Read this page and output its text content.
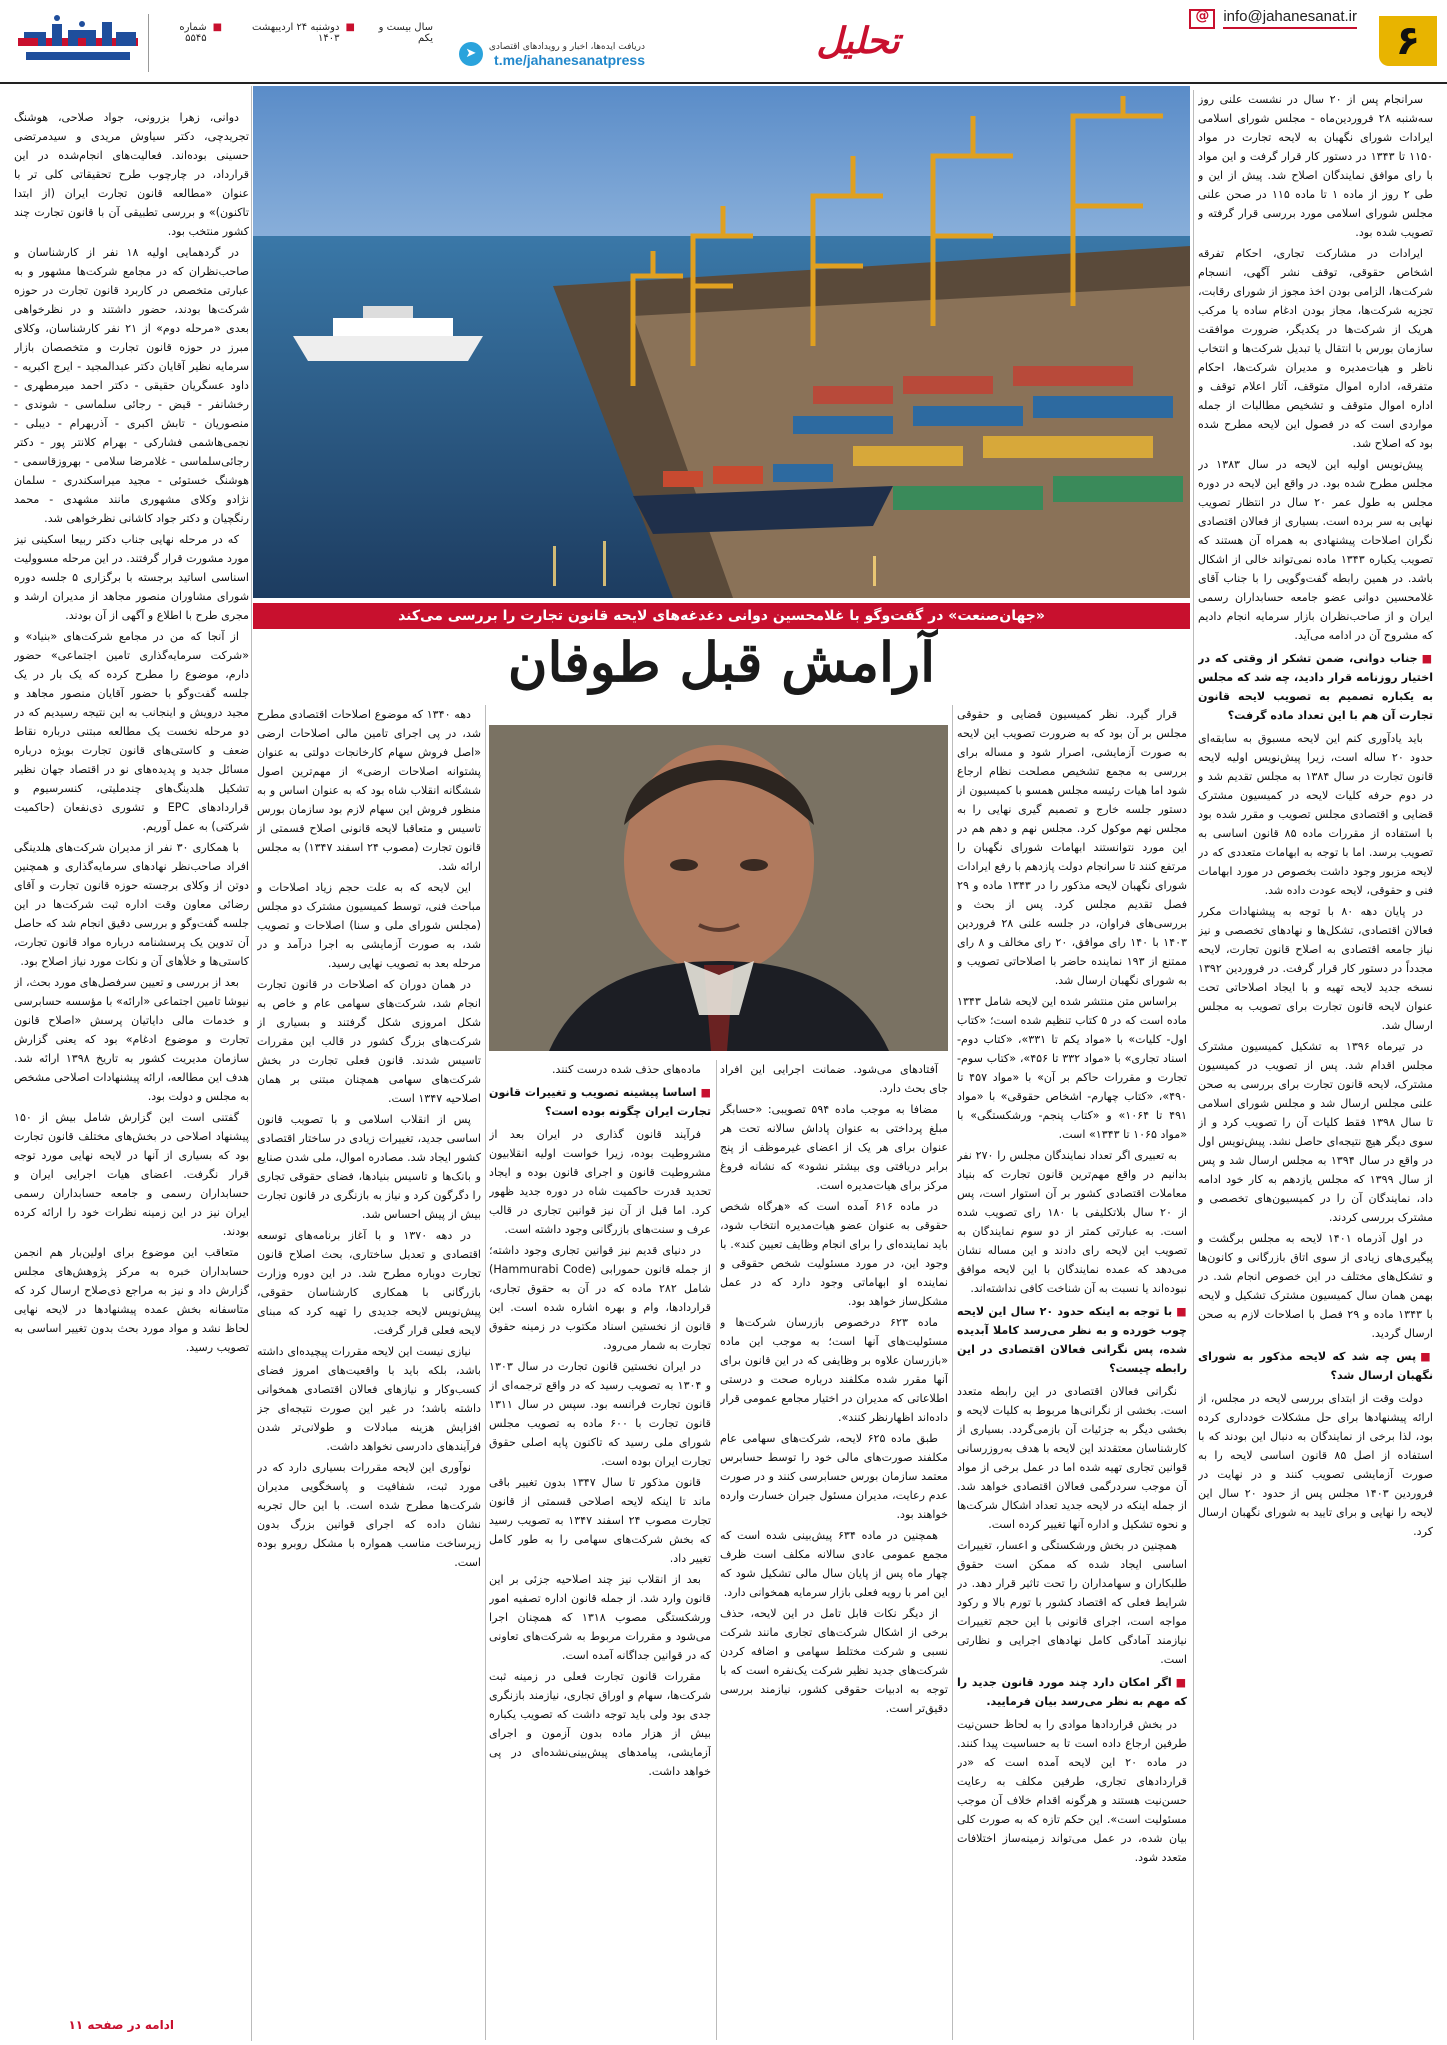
۶
@
info@jahanesanat.ir
تحلیل
دریافت ایده‌ها، اخبار و رویدادهای اقتصادی
t.me/jahanesanatpress
➤
سال بیست و یکم
■
دوشنبه ۲۴ اردیبهشت ۱۴۰۳
■
شماره ۵۵۴۵

سرانجام پس از ۲۰ سال در نشست علنی روز سه‌شنبه ۲۸ فروردین‌ماه - مجلس شورای اسلامی ایرادات شورای نگهبان به لایحه تجارت در مواد ۱۱۵۰ تا ۱۳۴۳ در دستور کار قرار گرفت و این مواد با رای موافق نمایندگان اصلاح شد. پیش از این و طی ۲ روز از ماده ۱ تا ماده ۱۱۵ در صحن علنی مجلس شورای اسلامی مورد بررسی قرار گرفته و تصویب شده بود.

ایرادات در مشارکت تجاری، احکام تفرقه اشخاص حقوقی، توقف نشر آگهی، انسجام شرکت‌ها، الزامی بودن اخذ مجوز از شورای رقابت، تجزیه شرکت‌ها، مجاز بودن ادغام ساده یا مرکب هریک از شرکت‌ها در یکدیگر، ضرورت موافقت سازمان بورس با انتقال یا تبدیل شرکت‌ها و انتخاب ناظر و هیات‌مدیره و مدیران شرکت‌ها، احکام متفرقه، اداره اموال متوقف، آثار اعلام توقف و اداره اموال متوقف و تشخیص مطالبات از جمله مواردی است که در فصول این لایحه مطرح شده بود که اصلاح شد.

پیش‌نویس اولیه این لایحه در سال ۱۳۸۳ در مجلس مطرح شده بود. در واقع این لایحه در دوره مجلس به طول عمر ۲۰ سال در انتظار تصویب نهایی به سر برده است. بسیاری از فعالان اقتصادی نگران اصلاحات پیشنهادی به همراه آن هستند که تصویب یکباره ۱۳۴۳ ماده نمی‌تواند خالی از اشکال باشد. در همین رابطه گفت‌وگویی را با جناب آقای غلامحسین دوانی عضو جامعه حسابداران رسمی ایران و از صاحب‌نظران بازار سرمایه انجام دادیم که مشروح آن در ادامه می‌آید.

■جناب دوانی، ضمن تشکر از وقتی که در اختیار روزنامه قرار دادید، چه شد که مجلس به یکباره تصمیم به تصویب لایحه قانون تجارت آن هم با این تعداد ماده گرفت؟

باید یادآوری کنم این لایحه مسبوق به سابقه‌ای حدود ۲۰ ساله است، زیرا پیش‌نویس اولیه لایحه قانون تجارت در سال ۱۳۸۴ به مجلس تقدیم شد و در دوم حرفه کلیات لایحه در کمیسیون مشترک قضایی و اقتصادی مجلس تصویب و مقرر شده بود با استفاده از مقررات ماده ۸۵ قانون اساسی به تصویب برسد. اما با توجه به ابهامات متعددی که در لایحه مزبور وجود داشت بخصوص در مورد ابهامات فنی و حقوقی، لایحه عودت داده شد.

در پایان دهه ۸۰ با توجه به پیشنهادات مکرر فعالان اقتصادی، تشکل‌ها و نهادهای تخصصی و نیز نیاز جامعه اقتصادی به اصلاح قانون تجارت، لایحه مجدداً در دستور کار قرار گرفت. در فروردین ۱۳۹۲ نسخه جدید لایحه تهیه و با ایجاد اصلاحاتی تحت عنوان لایحه قانون تجارت برای تصویب به مجلس ارسال شد.

در تیرماه ۱۳۹۶ به تشکیل کمیسیون مشترک مجلس اقدام شد. پس از تصویب در کمیسیون مشترک، لایحه قانون تجارت برای بررسی به صحن علنی مجلس ارسال شد و مجلس شورای اسلامی تا سال ۱۳۹۸ فقط کلیات آن را تصویب کرد و از سوی دیگر هیچ نتیجه‌ای حاصل نشد. پیش‌نویس اول در واقع در سال ۱۳۹۴ به مجلس ارسال شد و پس از سال ۱۳۹۹ که مجلس یازدهم به کار خود ادامه داد، نمایندگان آن را در کمیسیون‌های تخصصی و مشترک بررسی کردند.

در اول آذرماه ۱۴۰۱ لایحه به مجلس برگشت و پیگیری‌های زیادی از سوی اتاق بازرگانی و کانون‌ها و تشکل‌های مختلف در این خصوص انجام شد. در بهمن همان سال کمیسیون مشترک تشکیل و لایحه با ۱۳۴۳ ماده و ۲۹ فصل با اصلاحات لازم به صحن ارسال گردید.

■پس چه شد که لایحه مذکور به شورای نگهبان ارسال شد؟

دولت وقت از ابتدای بررسی لایحه در مجلس، از ارائه پیشنهادها برای حل مشکلات خودداری کرده بود، لذا برخی از نمایندگان به دنبال این بودند که با استفاده از اصل ۸۵ قانون اساسی لایحه را به صورت آزمایشی تصویب کنند و در نهایت در فروردین ۱۴۰۳ مجلس پس از حدود ۲۰ سال این لایحه را نهایی و برای تایید به شورای نگهبان ارسال کرد.

«جهان‌صنعت» در گفت‌وگو با غلامحسین دوانی دغدغه‌های لایحه قانون تجارت را بررسی می‌کند
آرامش قبل طوفان

قرار گیرد. نظر کمیسیون قضایی و حقوقی مجلس بر آن بود که به ضرورت تصویب این لایحه به صورت آزمایشی، اصرار شود و مساله برای بررسی به مجمع تشخیص مصلحت نظام ارجاع شود اما هیات رئیسه مجلس همسو با کمیسیون از دستور جلسه خارج و تصمیم گیری نهایی را به مجلس نهم موکول کرد. مجلس نهم و دهم هم در این مورد نتوانستند ابهامات شورای نگهبان را مرتفع کنند تا سرانجام دولت پازدهم با رفع ایرادات شورای نگهبان لایحه مذکور را در ۱۳۴۳ ماده و ۲۹ فصل تقدیم مجلس کرد. پس از بحث و بررسی‌های فراوان، در جلسه علنی ۲۸ فروردین ۱۴۰۳ با ۱۴۰ رای موافق، ۲۰ رای مخالف و ۸ رای ممتنع از ۱۹۳ نماینده حاضر با اصلاحاتی تصویب و به شورای نگهبان ارسال شد.

براساس متن منتشر شده این لایحه شامل ۱۳۴۳ ماده است که در ۵ کتاب تنظیم شده است؛ «کتاب اول- کلیات» با «مواد یکم تا ۳۳۱»، «کتاب دوم- اسناد تجاری» با «مواد ۳۳۲ تا ۴۵۶»، «کتاب سوم- تجارت و مقررات حاکم بر آن» با «مواد ۴۵۷ تا ۴۹۰»، «کتاب چهارم- اشخاص حقوقی» با «مواد ۴۹۱ تا ۱۰۶۴» و «کتاب پنجم- ورشکستگی» با «مواد ۱۰۶۵ تا ۱۳۴۳» است.

به تعبیری اگر تعداد نمایندگان مجلس را ۲۷۰ نفر بدانیم در واقع مهم‌ترین قانون تجارت که بنیاد معاملات اقتصادی کشور بر آن استوار است، پس از ۲۰ سال بلاتکلیفی با ۱۸۰ رای تصویب شده است. به عبارتی کمتر از دو سوم نمایندگان به تصویب این لایحه رای دادند و این مساله نشان می‌دهد که عمده نمایندگان با این لایحه موافق نبوده‌اند یا نسبت به آن شناخت کافی نداشته‌اند.

■با توجه به اینکه حدود ۲۰ سال این لایحه چوب خورده و به نظر می‌رسد کاملا آبدیده شده، پس نگرانی فعالان اقتصادی در این رابطه چیست؟

نگرانی فعالان اقتصادی در این رابطه متعدد است. بخشی از نگرانی‌ها مربوط به کلیات لایحه و بخشی دیگر به جزئیات آن بازمی‌گردد. بسیاری از کارشناسان معتقدند این لایحه با هدف به‌روزرسانی قوانین تجاری تهیه شده اما در عمل برخی از مواد آن موجب سردرگمی فعالان اقتصادی خواهد شد. از جمله اینکه در لایحه جدید تعداد اشکال شرکت‌ها و نحوه تشکیل و اداره آنها تغییر کرده است.

همچنین در بخش ورشکستگی و اعسار، تغییرات اساسی ایجاد شده که ممکن است حقوق طلبکاران و سهامداران را تحت تاثیر قرار دهد. در شرایط فعلی که اقتصاد کشور با تورم بالا و رکود مواجه است، اجرای قانونی با این حجم تغییرات نیازمند آمادگی کامل نهادهای اجرایی و نظارتی است.

■اگر امکان دارد چند مورد قانون جدید را که مهم به نظر می‌رسد بیان فرمایید.

در بخش قراردادها موادی را به لحاظ حسن‌نیت طرفین ارجاع داده است تا به حساسیت پیدا کنند. در ماده ۲۰ این لایحه آمده است که «در قراردادهای تجاری، طرفین مکلف به رعایت حسن‌نیت هستند و هرگونه اقدام خلاف آن موجب مسئولیت است». این حکم تازه که به صورت کلی بیان شده، در عمل می‌تواند زمینه‌ساز اختلافات متعدد شود.

آفتادهای می‌شود. ضمانت اجرایی این افراد جای بحث دارد.

مضافا به موجب ماده ۵۹۴ تصویبی: «حسابگر مبلغ پرداختی به عنوان پاداش سالانه تحت هر عنوان برای هر یک از اعضای غیرموظف از پنج برابر دریافتی وی بیشتر نشود» که نشانه فروغ مرکز برای هیات‌مدیره است.

در ماده ۶۱۶ آمده است که «هرگاه شخص حقوقی به عنوان عضو هیات‌مدیره انتخاب شود، باید نماینده‌ای را برای انجام وظایف تعیین کند». با وجود این، در مورد مسئولیت شخص حقوقی و نماینده او ابهاماتی وجود دارد که در عمل مشکل‌ساز خواهد بود.

ماده ۶۲۳ درخصوص بازرسان شرکت‌ها و مسئولیت‌های آنها است؛ به موجب این ماده «بازرسان علاوه بر وظایفی که در این قانون برای آنها مقرر شده مکلفند درباره صحت و درستی اطلاعاتی که مدیران در اختیار مجامع عمومی قرار داده‌اند اظهارنظر کنند».

طبق ماده ۶۲۵ لایحه، شرکت‌های سهامی عام مکلفند صورت‌های مالی خود را توسط حسابرس معتمد سازمان بورس حسابرسی کنند و در صورت عدم رعایت، مدیران مسئول جبران خسارت وارده خواهند بود.

همچنین در ماده ۶۳۴ پیش‌بینی شده است که مجمع عمومی عادی سالانه مکلف است ظرف چهار ماه پس از پایان سال مالی تشکیل شود که این امر با رویه فعلی بازار سرمایه همخوانی دارد.

از دیگر نکات قابل تامل در این لایحه، حذف برخی از اشکال شرکت‌های تجاری مانند شرکت نسبی و شرکت مختلط سهامی و اضافه کردن شرکت‌های جدید نظیر شرکت یک‌نفره است که با توجه به ادبیات حقوقی کشور، نیازمند بررسی دقیق‌تر است.

ماده‌های حذف شده درست کنند.

■اساسا پیشینه تصویب و تغییرات قانون تجارت ایران چگونه بوده است؟

فرآیند قانون گذاری در ایران بعد از مشروطیت بوده، زیرا خواست اولیه انقلابیون مشروطیت قانون و اجرای قانون بوده و ایجاد تحدید قدرت حاکمیت شاه در دوره جدید ظهور کرد. اما قبل از آن نیز قوانین تجاری در قالب عرف و سنت‌های بازرگانی وجود داشته است.

در دنیای قدیم نیز قوانین تجاری وجود داشته؛ از جمله قانون حمورابی (Hammurabi Code) شامل ۲۸۲ ماده که در آن به حقوق تجاری، قراردادها، وام و بهره اشاره شده است. این قانون از نخستین اسناد مکتوب در زمینه حقوق تجارت به شمار می‌رود.

در ایران نخستین قانون تجارت در سال ۱۳۰۳ و ۱۳۰۴ به تصویب رسید که در واقع ترجمه‌ای از قانون تجارت فرانسه بود. سپس در سال ۱۳۱۱ قانون تجارت با ۶۰۰ ماده به تصویب مجلس شورای ملی رسید که تاکنون پایه اصلی حقوق تجارت ایران بوده است.

قانون مذکور تا سال ۱۳۴۷ بدون تغییر باقی ماند تا اینکه لایحه اصلاحی قسمتی از قانون تجارت مصوب ۲۴ اسفند ۱۳۴۷ به تصویب رسید که بخش شرکت‌های سهامی را به طور کامل تغییر داد.

بعد از انقلاب نیز چند اصلاحیه جزئی بر این قانون وارد شد. از جمله قانون اداره تصفیه امور ورشکستگی مصوب ۱۳۱۸ که همچنان اجرا می‌شود و مقررات مربوط به شرکت‌های تعاونی که در قوانین جداگانه آمده است.

مقررات قانون تجارت فعلی در زمینه ثبت شرکت‌ها، سهام و اوراق تجاری، نیازمند بازنگری جدی بود ولی باید توجه داشت که تصویب یکباره بیش از هزار ماده بدون آزمون و اجرای آزمایشی، پیامدهای پیش‌بینی‌نشده‌ای در پی خواهد داشت.

دهه ۱۳۴۰ که موضوع اصلاحات اقتصادی مطرح شد، در پی اجرای تامین مالی اصلاحات ارضی «اصل فروش سهام کارخانجات دولتی به عنوان پشتوانه اصلاحات ارضی» از مهم‌ترین اصول ششگانه انقلاب شاه بود که به عنوان اساس و به منظور فروش این سهام لازم بود سازمان بورس تاسیس و متعاقبا لایحه قانونی اصلاح قسمتی از قانون تجارت (مصوب ۲۴ اسفند ۱۳۴۷) به مجلس ارائه شد.

این لایحه که به علت حجم زیاد اصلاحات و مباحث فنی، توسط کمیسیون مشترک دو مجلس (مجلس شورای ملی و سنا) اصلاحات و تصویب شد، به صورت آزمایشی به اجرا درآمد و در مرحله بعد به تصویب نهایی رسید.

در همان دوران که اصلاحات در قانون تجارت انجام شد، شرکت‌های سهامی عام و خاص به شکل امروزی شکل گرفتند و بسیاری از شرکت‌های بزرگ کشور در قالب این مقررات تاسیس شدند. قانون فعلی تجارت در بخش شرکت‌های سهامی همچنان مبتنی بر همان اصلاحیه ۱۳۴۷ است.

پس از انقلاب اسلامی و با تصویب قانون اساسی جدید، تغییرات زیادی در ساختار اقتصادی کشور ایجاد شد. مصادره اموال، ملی شدن صنایع و بانک‌ها و تاسیس بنیادها، فضای حقوقی تجاری را دگرگون کرد و نیاز به بازنگری در قانون تجارت بیش از پیش احساس شد.

در دهه ۱۳۷۰ و با آغاز برنامه‌های توسعه اقتصادی و تعدیل ساختاری، بحث اصلاح قانون تجارت دوباره مطرح شد. در این دوره وزارت بازرگانی با همکاری کارشناسان حقوقی، پیش‌نویس لایحه جدیدی را تهیه کرد که مبنای لایحه فعلی قرار گرفت.

نیازی نیست این لایحه مقررات پیچیده‌ای داشته باشد، بلکه باید با واقعیت‌های امروز فضای کسب‌وکار و نیازهای فعالان اقتصادی همخوانی داشته باشد؛ در غیر این صورت نتیجه‌ای جز افزایش هزینه مبادلات و طولانی‌تر شدن فرآیندهای دادرسی نخواهد داشت.

نوآوری این لایحه مقررات بسیاری دارد که در مورد ثبت، شفافیت و پاسخگویی مدیران شرکت‌ها مطرح شده است. با این حال تجربه نشان داده که اجرای قوانین بزرگ بدون زیرساخت مناسب همواره با مشکل روبرو بوده است.

دوانی، زهرا بزرونی، جواد صلاحی، هوشنگ تجریدچی، دکتر سیاوش مریدی و سیدمرتضی حسینی بوده‌اند. فعالیت‌های انجام‌شده در این قرارداد، در چارچوب طرح تحقیقاتی کلی تر با عنوان «مطالعه قانون تجارت ایران (از ابتدا تاکنون)» و بررسی تطبیقی آن با قانون تجارت چند کشور منتخب بود.

در گردهمایی اولیه ۱۸ نفر از کارشناسان و صاحب‌نظران که در مجامع شرکت‌ها مشهور و به عبارتی متخصص در کاربرد قانون تجارت در حوزه شرکت‌ها بودند، حضور داشتند و در نظرخواهی بعدی «مرحله دوم» از ۲۱ نفر کارشناسان، وکلای مبرز در حوزه قانون تجارت و متخصصان بازار سرمایه نظیر آقایان دکتر عبدالمجید - ایرج اکبریه - داود عسگریان حقیقی - دکتر احمد میرمطهری - رخشانفر - قیض - رجائی سلماسی - شوندی - منصوریان - تابش اکبری - آذربهرام - دیبلی - نجمی‌هاشمی فشارکی - بهرام کلانتر پور - دکتر رجائی‌سلماسی - غلامرضا سلامی - بهروزقاسمی - هوشنگ خستوئی - مجید میراسکندری - سلمان نژادو وکلای مشهوری مانند مشهدی - محمد رنگچیان و دکتر جواد کاشانی نظرخواهی شد.

که در مرحله نهایی جناب دکتر ربیعا اسکینی نیز مورد مشورت قرار گرفتند. در این مرحله مسوولیت اسناسی اساتید برجسته با برگزاری ۵ جلسه دوره شورای مشاوران منصور مجاهد از مدیران ارشد و مجری طرح با اطلاع و آگهی از آن بودند.

از آنجا که من در مجامع شرکت‌های «بنیاد» و «شرکت سرمایه‌گذاری تامین اجتماعی» حضور دارم، موضوع را مطرح کرده که یک بار در یک جلسه گفت‌وگو با حضور آقایان منصور مجاهد و مجید درویش و اینجانب به این نتیجه رسیدیم که در دو مرحله نخست یک مطالعه مبتنی درباره نقاط ضعف و کاستی‌های قانون تجارت بویژه درباره مسائل جدید و پدیده‌های نو در اقتصاد جهان نظیر تشکیل هلدینگ‌های چندملیتی، کنسرسیوم و قراردادهای EPC و تشوری ذی‌نفعان (حاکمیت شرکتی) به عمل آوریم.

با همکاری ۳۰ نفر از مدیران شرکت‌های هلدینگی افراد صاحب‌نظر نهادهای سرمایه‌گذاری و همچنین دوتن از وکلای برجسته حوزه قانون تجارت و آقای رضائی معاون وقت اداره ثبت شرکت‌ها در این جلسه گفت‌وگو و بررسی دقیق انجام شد که حاصل آن تدوین یک پرسشنامه درباره مواد قانون تجارت، کاستی‌ها و خلأهای آن و نکات مورد نیاز اصلاح بود.

بعد از بررسی و تعیین سرفصل‌های مورد بحث، از نیوشا تامین اجتماعی «ارائه» با مؤسسه حسابرسی و خدمات مالی دایاتیان پرسش «اصلاح قانون تجارت و موضوع ادغام» بود که یعنی گزارش سازمان مدیریت کشور به تاریخ ۱۳۹۸ ارائه شد. هدف این مطالعه، ارائه پیشنهادات اصلاحی مشخص به مجلس و دولت بود.

گفتنی است این گزارش شامل بیش از ۱۵۰ پیشنهاد اصلاحی در بخش‌های مختلف قانون تجارت بود که بسیاری از آنها در لایحه نهایی مورد توجه قرار نگرفت. اعضای هیات اجرایی ایران و حسابداران رسمی و جامعه حسابداران رسمی ایران نیز در این زمینه نظرات خود را ارائه کرده بودند.

متعاقب این موضوع برای اولین‌بار هم انجمن حسابداران خبره به مرکز پژوهش‌های مجلس گزارش داد و نیز به مراجع ذی‌صلاح ارسال کرد که متاسفانه بخش عمده پیشنهادها در لایحه نهایی لحاظ نشد و مواد مورد بحث بدون تغییر اساسی به تصویب رسید.

ادامه در صفحه ۱۱
